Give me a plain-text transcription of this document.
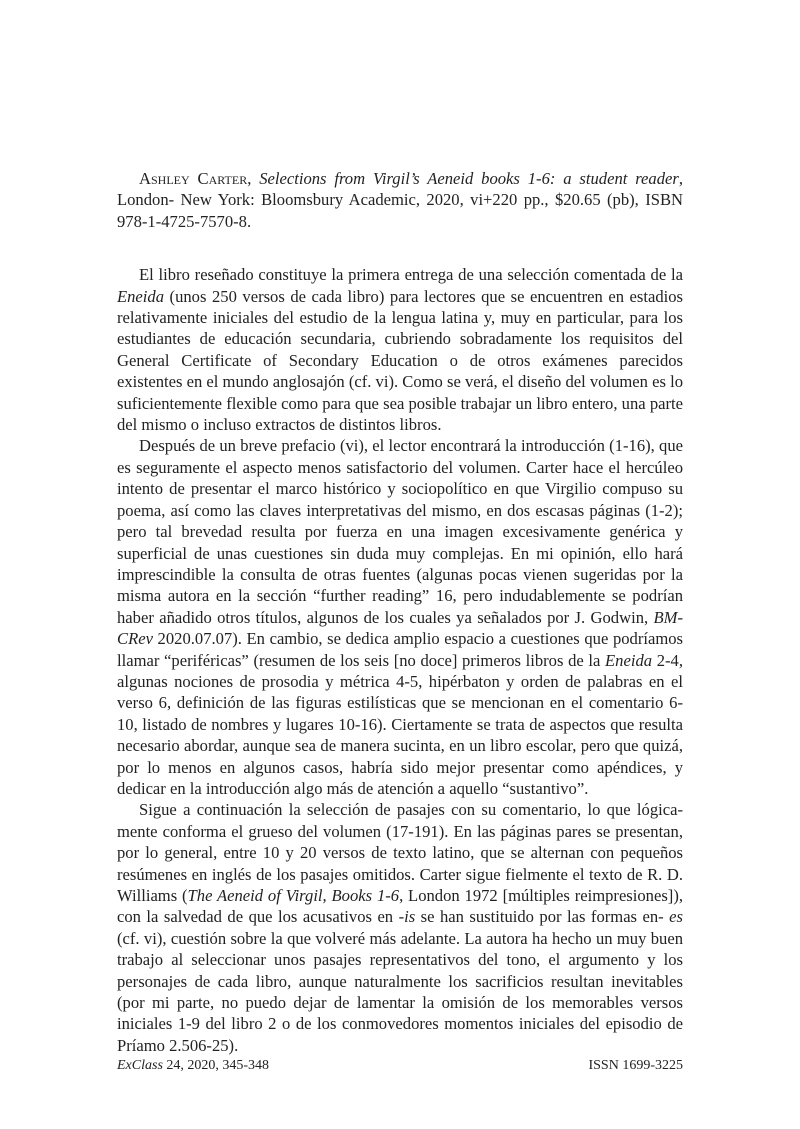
Ashley Carter, Selections from Virgil’s Aeneid books 1-6: a student reader, London- New York: Bloomsbury Academic, 2020, vi+220 pp., $20.65 (pb), ISBN 978-1-4725-7570-8.

El libro reseñado constituye la primera entrega de una selección comentada de la Eneida (unos 250 versos de cada libro) para lectores que se encuentren en estadios relativamente iniciales del estudio de la lengua latina y, muy en particular, para los estudiantes de educación secundaria, cubriendo sobradamente los requisitos del General Certificate of Secondary Education o de otros exámenes parecidos existentes en el mundo anglosajón (cf. vi). Como se verá, el diseño del volumen es lo suficientemente flexible como para que sea posible trabajar un libro entero, una parte del mismo o incluso extractos de distintos libros.

Después de un breve prefacio (vi), el lector encontrará la introducción (1-16), que es seguramente el aspecto menos satisfactorio del volumen. Carter hace el hercúleo intento de presentar el marco histórico y sociopolítico en que Virgilio compuso su poema, así como las claves interpretativas del mismo, en dos escasas páginas (1-2); pero tal brevedad resulta por fuerza en una imagen excesivamente genérica y superficial de unas cuestiones sin duda muy complejas. En mi opinión, ello hará imprescindible la consulta de otras fuentes (algunas pocas vienen sugeridas por la misma autora en la sección “further reading” 16, pero indudablemente se podrían haber añadido otros títulos, algunos de los cuales ya señalados por J. Godwin, BMCRev 2020.07.07). En cambio, se dedica amplio espacio a cuestiones que podríamos llamar “periféricas” (resumen de los seis [no doce] primeros libros de la Eneida 2-4, algunas nociones de prosodia y métrica 4-5, hipérbaton y orden de palabras en el verso 6, definición de las figuras estilísticas que se mencionan en el comentario 6-10, listado de nombres y lugares 10-16). Ciertamente se trata de aspectos que resulta necesario abordar, aunque sea de manera sucinta, en un libro escolar, pero que quizá, por lo menos en algunos casos, habría sido mejor presentar como apéndices, y dedicar en la introducción algo más de atención a aquello “sustantivo”.

Sigue a continuación la selección de pasajes con su comentario, lo que lógicamente conforma el grueso del volumen (17-191). En las páginas pares se presentan, por lo general, entre 10 y 20 versos de texto latino, que se alternan con pequeños resúmenes en inglés de los pasajes omitidos. Carter sigue fielmente el texto de R. D. Williams (The Aeneid of Virgil, Books 1-6, London 1972 [múltiples reimpresiones]), con la salvedad de que los acusativos en -is se han sustituido por las formas en- es (cf. vi), cuestión sobre la que volveré más adelante. La autora ha hecho un muy buen trabajo al seleccionar unos pasajes representativos del tono, el argumento y los personajes de cada libro, aunque naturalmente los sacrificios resultan inevitables (por mi parte, no puedo dejar de lamentar la omisión de los memorables versos iniciales 1-9 del libro 2 o de los conmovedores momentos iniciales del episodio de Príamo 2.506-25).

ExClass 24, 2020, 345-348	ISSN 1699-3225
